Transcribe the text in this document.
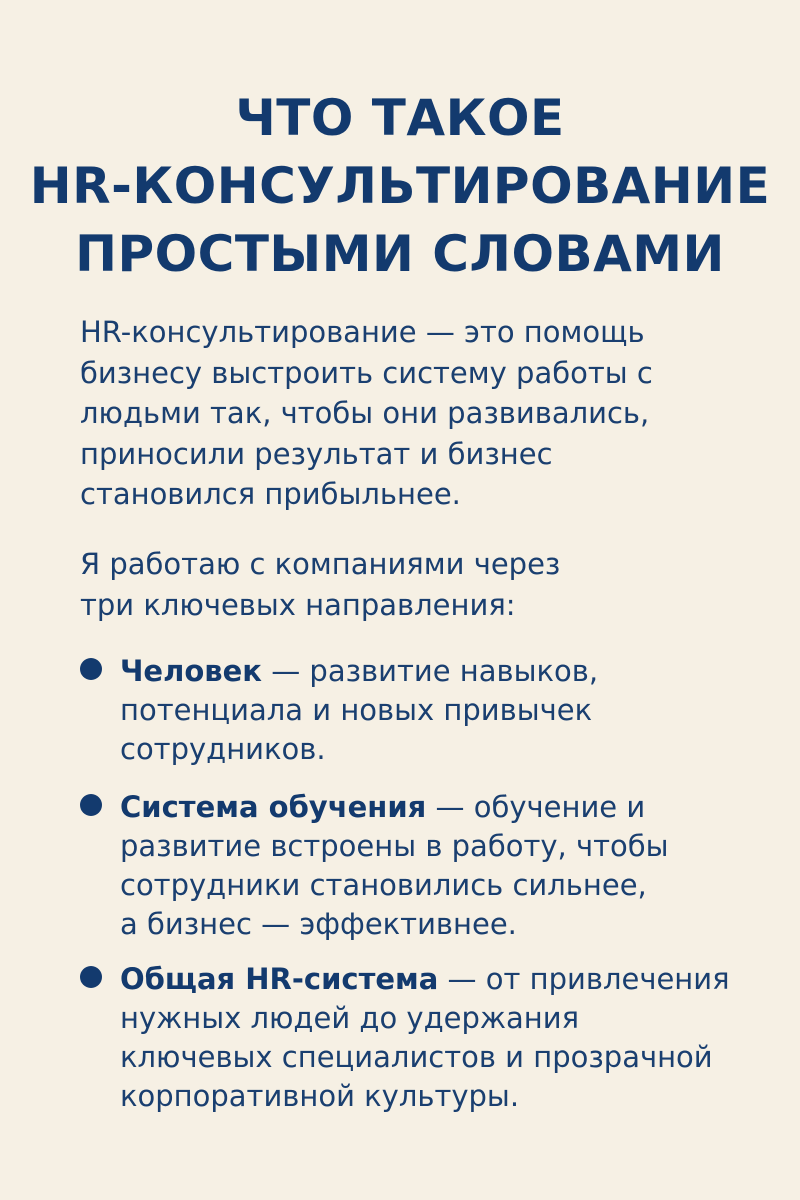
ЧТО ТАКОЕ
HR-КОНСУЛЬТИРОВАНИЕ
ПРОСТЫМИ СЛОВАМИ

HR-консультирование — это помощь
бизнесу выстроить систему работы с
людьми так, чтобы они развивались,
приносили результат и бизнес
становился прибыльнее.

Я работаю с компаниями через
три ключевых направления:

Человек — развитие навыков,
потенциала и новых привычек
сотрудников.
Система обучения — обучение и
развитие встроены в работу, чтобы
сотрудники становились сильнее,
а бизнес — эффективнее.
Общая HR-система — от привлечения
нужных людей до удержания
ключевых специалистов и прозрачной
корпоративной культуры.
